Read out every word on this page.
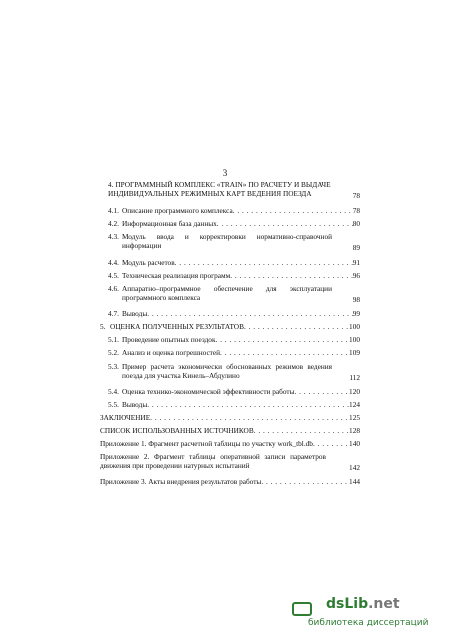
3
4. ПРОГРАММНЫЙ КОМПЛЕКС «TRAIN» ПО РАСЧЕТУ И ВЫДАЧЕ ИНДИВИДУАЛЬНЫХ РЕЖИМНЫХ КАРТ ВЕДЕНИЯ ПОЕЗДА	78
4.1. Описание программного комплекса . . .	78
4.2. Информационная база данных . . .	80
4.3. Модуль ввода и корректировки нормативно-справочной информации	89
4.4. Модуль расчетов . . .	91
4.5. Техническая реализация программ . . .	96
4.6. Аппаратно–программное обеспечение для эксплуатации программного комплекса	98
4.7. Выводы . . .	99
5. ОЦЕНКА ПОЛУЧЕННЫХ РЕЗУЛЬТАТОВ . . .	100
5.1. Проведение опытных поездок . . .	100
5.2. Анализ и оценка погрешностей . . .	109
5.3. Пример расчета экономически обоснованных режимов ведения поезда для участка Кинель–Абдулино	112
5.4. Оценка технико-экономической эффективности работы . . .	120
5.5. Выводы . . .	124
ЗАКЛЮЧЕНИЕ . . .	125
СПИСОК ИСПОЛЬЗОВАННЫХ ИСТОЧНИКОВ . . .	128
Приложение 1. Фрагмент расчетной таблицы по участку work_tbl.db . . .	140
Приложение 2. Фрагмент таблицы оперативной записи параметров движения при проведении натурных испытаний	142
Приложение 3. Акты внедрения результатов работы . . .	144
dsLib.net
библиотека диссертаций
